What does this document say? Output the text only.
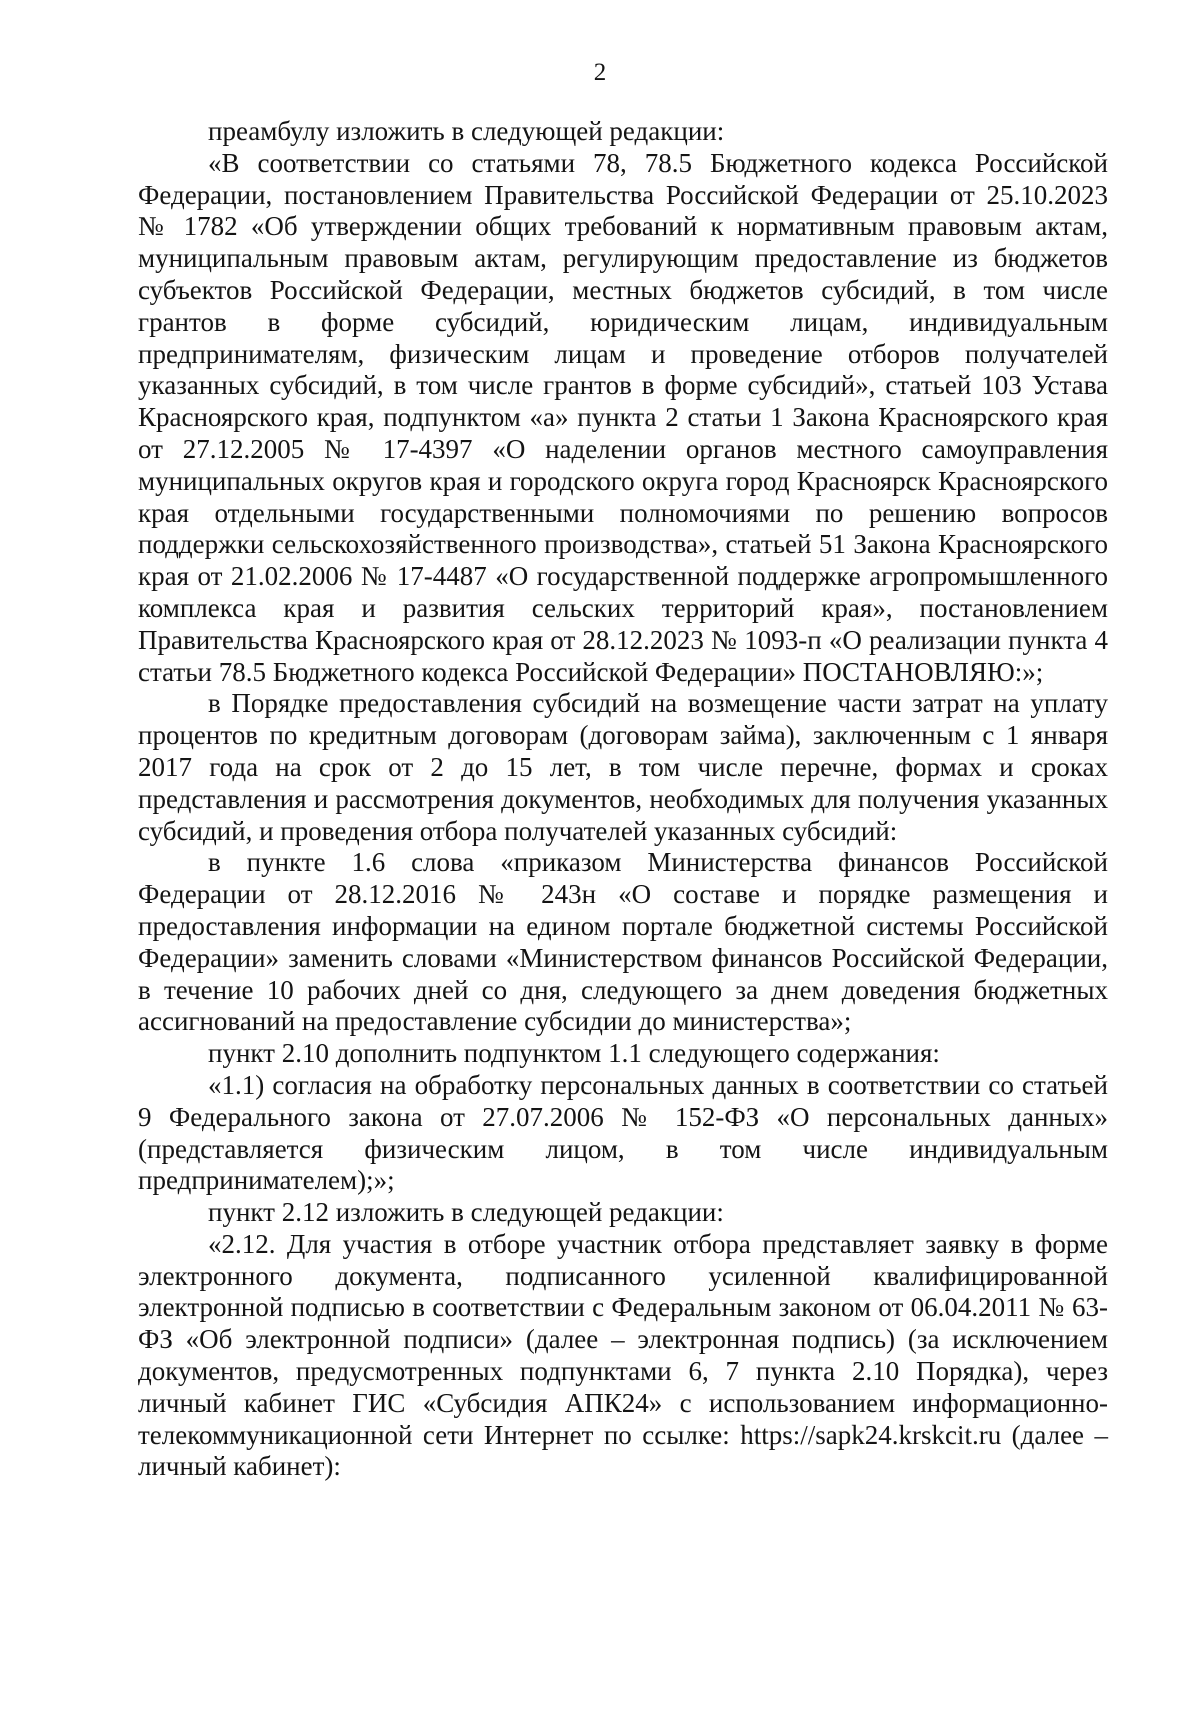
2

преамбулу изложить в следующей редакции:

«В соответствии со статьями 78, 78.5 Бюджетного кодекса Российской Федерации, постановлением Правительства Российской Федерации от 25.10.2023 № 1782 «Об утверждении общих требований к нормативным правовым актам, муниципальным правовым актам, регулирующим предоставление из бюджетов субъектов Российской Федерации, местных бюджетов субсидий, в том числе грантов в форме субсидий, юридическим лицам, индивидуальным предпринимателям, физическим лицам и проведение отборов получателей указанных субсидий, в том числе грантов в форме субсидий», статьей 103 Устава Красноярского края, подпунктом «а» пункта 2 статьи 1 Закона Красноярского края от 27.12.2005 № 17-4397 «О наделении органов местного самоуправления муниципальных округов края и городского округа город Красноярск Красноярского края отдельными государственными полномочиями по решению вопросов поддержки сельскохозяйственного производства», статьей 51 Закона Красноярского края от 21.02.2006 № 17-4487 «О государственной поддержке агропромышленного комплекса края и развития сельских территорий края», постановлением Правительства Красноярского края от 28.12.2023 № 1093-п «О реализации пункта 4 статьи 78.5 Бюджетного кодекса Российской Федерации» ПОСТАНОВЛЯЮ:»;

в Порядке предоставления субсидий на возмещение части затрат на уплату процентов по кредитным договорам (договорам займа), заключенным с 1 января 2017 года на срок от 2 до 15 лет, в том числе перечне, формах и сроках представления и рассмотрения документов, необходимых для получения указанных субсидий, и проведения отбора получателей указанных субсидий:

в пункте 1.6 слова «приказом Министерства финансов Российской Федерации от 28.12.2016 № 243н «О составе и порядке размещения и предоставления информации на едином портале бюджетной системы Российской Федерации» заменить словами «Министерством финансов Российской Федерации, в течение 10 рабочих дней со дня, следующего за днем доведения бюджетных ассигнований на предоставление субсидии до министерства»;

пункт 2.10 дополнить подпунктом 1.1 следующего содержания:

«1.1) согласия на обработку персональных данных в соответствии со статьей 9 Федерального закона от 27.07.2006 № 152-ФЗ «О персональных данных» (представляется физическим лицом, в том числе индивидуальным предпринимателем);»;

пункт 2.12 изложить в следующей редакции:

«2.12. Для участия в отборе участник отбора представляет заявку в форме электронного документа, подписанного усиленной квалифицированной электронной подписью в соответствии с Федеральным законом от 06.04.2011 № 63-ФЗ «Об электронной подписи» (далее – электронная подпись) (за исключением документов, предусмотренных подпунктами 6, 7 пункта 2.10 Порядка), через личный кабинет ГИС «Субсидия АПК24» с использованием информационно-телекоммуникационной сети Интернет по ссылке: https://sapk24.krskcit.ru (далее – личный кабинет):
